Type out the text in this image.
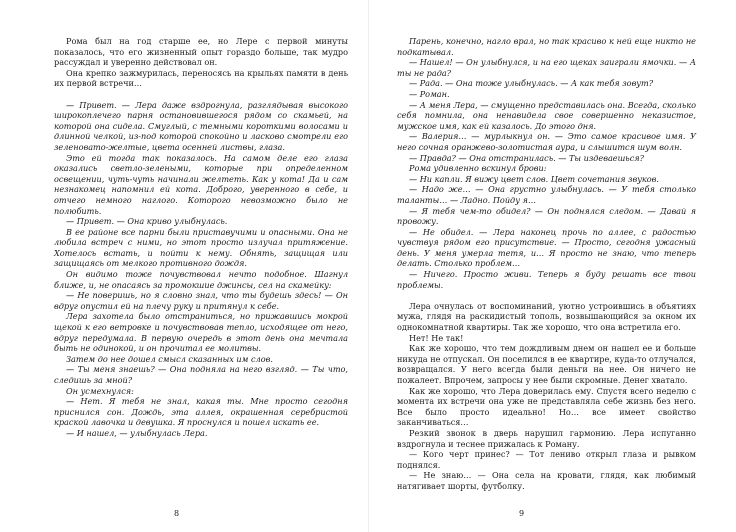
Рома был на год старше ее, но Лере с первой минуты показалось, что его жизненный опыт гораздо больше, так мудро рассуждал и уверенно действовал он.

Она крепко зажмурилась, переносясь на крыльях памяти в день их первой встречи…

— Привет. — Лера даже вздрогнула, разглядывая высокого широкоплечего парня остановившегося рядом со скамьей, на которой она сидела. Смуглый, с темными короткими волосами и длинной челкой, из-под которой спокойно и ласково смотрели его зеленовато-желтые, цвета осенней листвы, глаза.

Это ей тогда так показалось. На самом деле его глаза оказались светло-зелеными, которые при определенном освещении, чуть-чуть начинали желтеть. Как у кота! Да и сам незнакомец напомнил ей кота. Доброго, уверенного в себе, и отчего немного наглого. Которого невозможно было не полюбить.

— Привет. — Она криво улыбнулась.

В ее районе все парни были приставучими и опасными. Она не любила встреч с ними, но этот просто излучал притяжение. Хотелось встать, и пойти к нему. Обнять, защищая или защищаясь от мелкого противного дождя.

Он видимо тоже почувствовал нечто подобное. Шагнул ближе, и, не опасаясь за промокшие джинсы, сел на скамейку:

— Не поверишь, но я словно знал, что ты будешь здесь! — Он вдруг опустил ей на плечу руку и притянул к себе.

Лера захотела было отстраниться, но прижавшись мокрой щекой к его ветровке и почувствовав тепло, исходящее от него, вдруг передумала. В первую очередь в этот день она мечтала быть не одинокой, и он прочитал ее молитвы.

Затем до нее дошел смысл сказанных им слов.

— Ты меня знаешь? — Она подняла на него взгляд. — Ты что, следишь за мной?

Он усмехнулся:

— Нет. Я тебя не знал, какая ты. Мне просто сегодня приснился сон. Дождь, эта аллея, окрашенная серебристой краской лавочка и девушка. Я проснулся и пошел искать ее.

— И нашел, — улыбнулась Лера.

8

Парень, конечно, нагло врал, но так красиво к ней еще никто не подкатывал.

— Нашел! — Он улыбнулся, и на его щеках заиграли ямочки. — А ты не рада?

— Рада. — Она тоже улыбнулась. — А как тебя зовут?

— Роман.

— А меня Лера, — смущенно представилась она. Всегда, сколько себя помнила, она ненавидела свое совершенно неказистое, мужское имя, как ей казалось. До этого дня.

— Валерия… — мурлыкнул он. — Это самое красивое имя. У него сочная оранжево-золотистая аура, и слышится шум волн.

— Правда? — Она отстранилась. — Ты издеваешься?

Рома удивленно вскинул брови:

— Ни капли. Я вижу цвет слов. Цвет сочетания звуков.

— Надо же… — Она грустно улыбнулась. — У тебя столько таланты… — Ладно. Пойду я…

— Я тебя чем-то обидел? — Он поднялся следом. — Давай я провожу.

— Не обидел. — Лера наконец прочь по аллее, с радостью чувствуя рядом его присутствие. — Просто, сегодня ужасный день. У меня умерла тетя, и… Я просто не знаю, что теперь делать. Столько проблем…

— Ничего. Просто живи. Теперь я буду решать все твои проблемы.

Лера очнулась от воспоминаний, уютно устроившись в объятиях мужа, глядя на раскидистый тополь, возвышающийся за окном их однокомнатной квартиры. Так же хорошо, что она встретила его.

Нет! Не так!

Как же хорошо, что тем дождливым днем он нашел ее и больше никуда не отпускал. Он поселился в ее квартире, куда-то отлучался, возвращался. У него всегда были деньги на нее. Он ничего не пожалеет. Впрочем, запросы у нее были скромные. Денег хватало.

Как же хорошо, что Лера доверилась ему. Спустя всего неделю с момента их встречи она уже не представляла себе жизнь без него. Все было просто идеально! Но… все имеет свойство заканчиваться…

Резкий звонок в дверь нарушил гармонию. Лера испуганно вздрогнула и теснее прижалась к Роману.

— Кого черт принес? — Тот лениво открыл глаза и рывком поднялся.

— Не знаю… — Она села на кровати, глядя, как любимый натягивает шорты, футболку.

9
